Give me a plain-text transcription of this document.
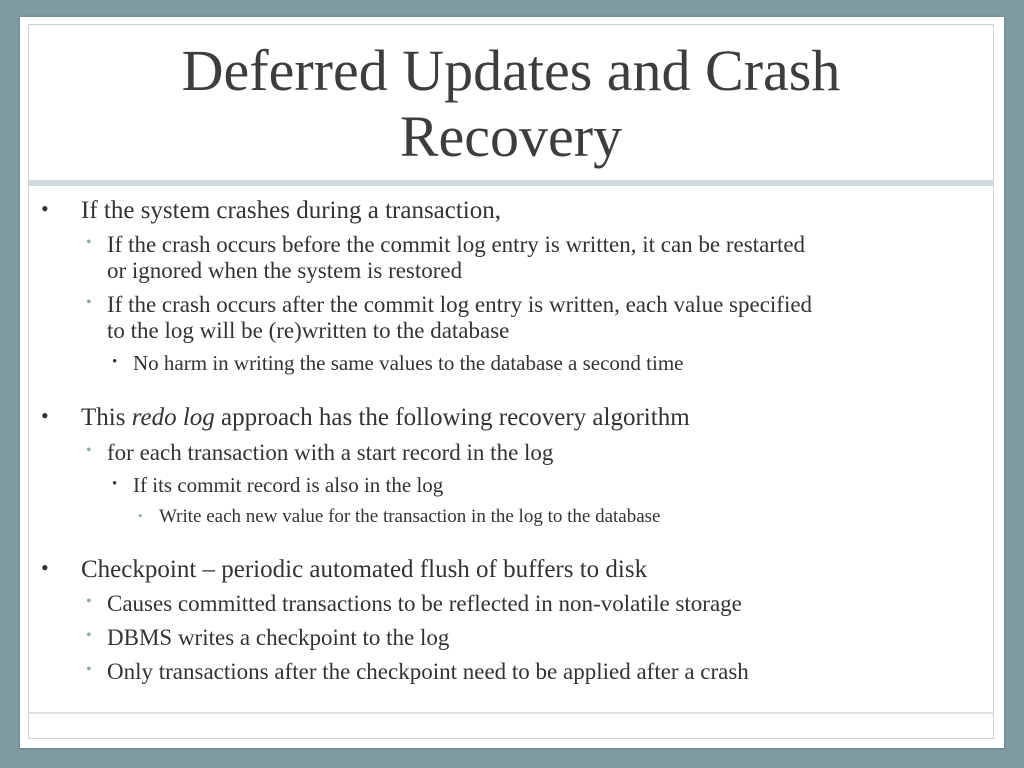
Deferred Updates and Crash
Recovery
• If the system crashes during a transaction,
• If the crash occurs before the commit log entry is written, it can be restarted
or ignored when the system is restored
• If the crash occurs after the commit log entry is written, each value specified
to the log will be (re)written to the database
• No harm in writing the same values to the database a second time
• This redo log approach has the following recovery algorithm
• for each transaction with a start record in the log
• If its commit record is also in the log
• Write each new value for the transaction in the log to the database
• Checkpoint – periodic automated flush of buffers to disk
• Causes committed transactions to be reflected in non-volatile storage
• DBMS writes a checkpoint to the log
• Only transactions after the checkpoint need to be applied after a crash
